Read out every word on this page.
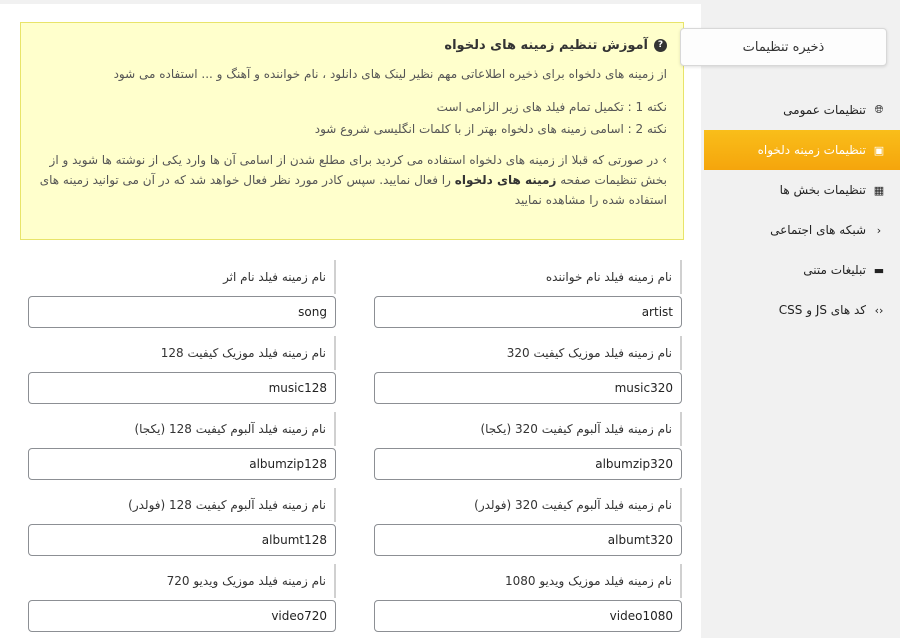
?
آموزش تنظیم زمینه های دلخواه
از زمینه های دلخواه برای ذخیره اطلاعاتی مهم نظیر لینک های دانلود ، نام خواننده و آهنگ و ... استفاده می شود
نکته 1 : تکمیل تمام فیلد های زیر الزامی است
نکته 2 : اسامی زمینه های دلخواه بهتر از با کلمات انگلیسی شروع شود
› در صورتی که قبلا از زمینه های دلخواه استفاده می کردید برای مطلع شدن از اسامی آن ها وارد یکی از نوشته ها شوید و از بخش تنظیمات صفحه زمینه های دلخواه را فعال نمایید. سپس کادر مورد نظر فعال خواهد شد که در آن می توانید زمینه های استفاده شده را مشاهده نمایید
نام زمینه فیلد نام خواننده
artist
نام زمینه فیلد نام اثر
song
نام زمینه فیلد موزیک کیفیت 320
music320
نام زمینه فیلد موزیک کیفیت 128
music128
نام زمینه فیلد آلبوم کیفیت 320 (یکجا)
albumzip320
نام زمینه فیلد آلبوم کیفیت 128 (یکجا)
albumzip128
نام زمینه فیلد آلبوم کیفیت 320 (فولدر)
albumt320
نام زمینه فیلد آلبوم کیفیت 128 (فولدر)
albumt128
نام زمینه فیلد موزیک ویدیو 1080
video1080
نام زمینه فیلد موزیک ویدیو 720
video720
🌐︎
تنظیمات عمومی
▣
تنظیمات زمینه دلخواه
▦
تنظیمات بخش ها
‹
شبکه های اجتماعی
▬
تبلیغات متنی
‹›
کد های JS و CSS
ذخیره تنظیمات
